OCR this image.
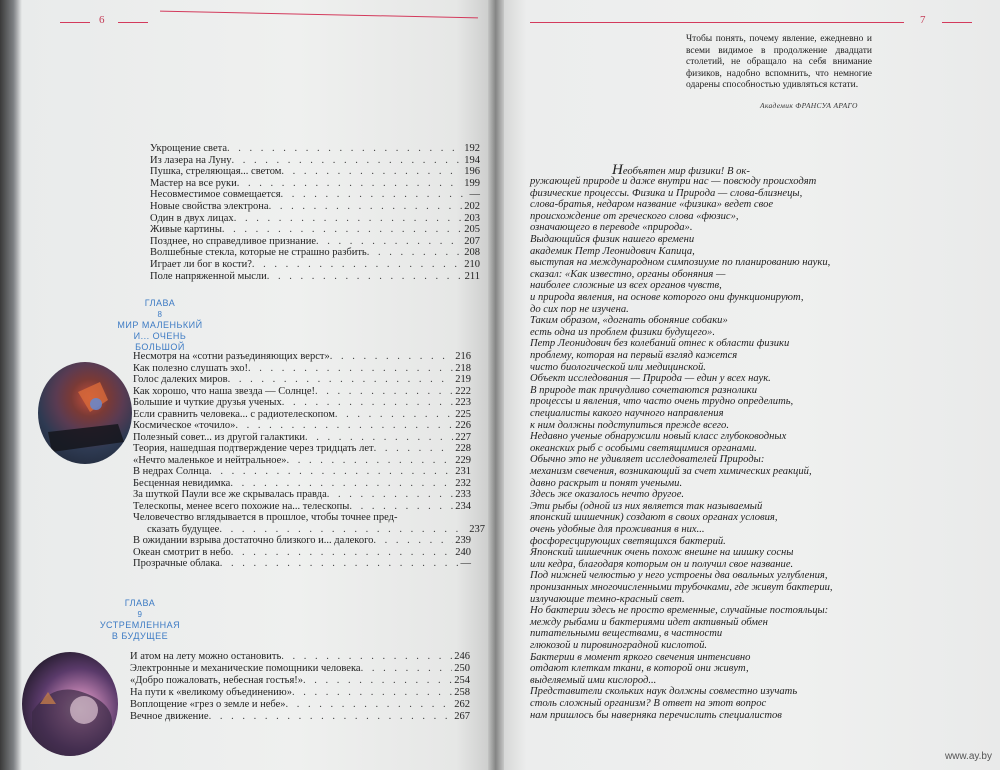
6
Укрощение света . . .	192
Из лазера на Луну . . .	194
Пушка, стреляющая... светом . . .	196
Мастер на все руки . . .	199
Несовместимое совмещается . . .	—
Новые свойства электрона . . .	202
Один в двух лицах . . .	203
Живые картины . . .	205
Позднее, но справедливое признание . . .	207
Волшебные стекла, которые не страшно разбить . . .	208
Играет ли бог в кости? . . .	210
Поле напряженной мысли . . .	211
ГЛАВА
8
МИР МАЛЕНЬКИЙ
И... ОЧЕНЬ
БОЛЬШОЙ
Несмотря на «сотни разъединяющих верст» . . .	216
Как полезно слушать эхо! . . .	218
Голос далеких миров . . .	219
Как хорошо, что наша звезда — Солнце! . . .	222
Большие и чуткие друзья ученых . . .	223
Если сравнить человека... с радиотелескопом . . .	225
Космическое «точило» . . .	226
Полезный совет... из другой галактики . . .	227
Теория, нашедшая подтверждение через тридцать лет . . .	228
«Нечто маленькое и нейтральное» . . .	229
В недрах Солнца . . .	231
Бесценная невидимка . . .	232
За шуткой Паули все же скрывалась правда . . .	233
Телескопы, менее всего похожие на... телескопы . . .	234
Человечество вглядывается в прошлое, чтобы точнее пред-
сказать будущее . . .	237
В ожидании взрыва достаточно близкого и... далекого . . .	239
Океан смотрит в небо . . .	240
Прозрачные облака . . .	—
ГЛАВА
9
УСТРЕМЛЕННАЯ
В БУДУЩЕЕ
И атом на лету можно остановить . . .	246
Электронные и механические помощники человека . . .	250
«Добро пожаловать, небесная гостья!» . . .	254
На пути к «великому объединению» . . .	258
Воплощение «грез о земле и небе» . . .	262
Вечное движение . . .	267
7
Чтобы понять, почему явление, ежедневно и всеми видимое в продолжение двадцати столетий, не обращало на себя внимание физиков, надобно вспомнить, что немногие одарены способностью удивляться кстати.
Академик ФРАНСУА АРАГО
Необъятен мир физики! В ок-
ружающей природе и даже внутри нас — повсюду происходят
физические процессы. Физика и Природа — слова-близнецы,
слова-братья, недаром название «физика» ведет свое
происхождение от греческого слова «фюзис»,
означающего в переводе «природа».
Выдающийся физик нашего времени
академик Петр Леонидович Капица,
выступая на международном симпозиуме по планированию науки,
сказал: «Как известно, органы обоняния —
наиболее сложные из всех органов чувств,
и природа явления, на основе которого они функционируют,
до сих пор не изучена.
Таким образом, «догнать обоняние собаки»
есть одна из проблем физики будущего».
Петр Леонидович без колебаний отнес к области физики
проблему, которая на первый взгляд кажется
чисто биологической или медицинской.
Объект исследования — Природа — един у всех наук.
В природе так причудливо сочетаются разнолики
процессы и явления, что часто очень трудно определить,
специалисты какого научного направления
к ним должны подступиться прежде всего.
Недавно ученые обнаружили новый класс глубоководных
океанских рыб с особыми светящимися органами.
Обычно это не удивляет исследователей Природы:
механизм свечения, возникающий за счет химических реакций,
давно раскрыт и понят учеными.
Здесь же оказалось нечто другое.
Эти рыбы (одной из них является так называемый
японский шишечник) создают в своих органах условия,
очень удобные для проживания в них...
фосфоресцирующих светящихся бактерий.
Японский шишечник очень похож внешне на шишку сосны
или кедра, благодаря которым он и получил свое название.
Под нижней челюстью у него устроены два овальных углубления,
пронизанных многочисленными трубочками, где живут бактерии,
излучающие темно-красный свет.
Но бактерии здесь не просто временные, случайные постояльцы:
между рыбами и бактериями идет активный обмен
питательными веществами, в частности
глюкозой и пировиноградной кислотой.
Бактерии в момент яркого свечения интенсивно
отдают клеткам ткани, в которой они живут,
выделяемый ими кислород...
Представители скольких наук должны совместно изучать
столь сложный организм? В ответ на этот вопрос
нам пришлось бы наверняка перечислить специалистов
www.ay.by
